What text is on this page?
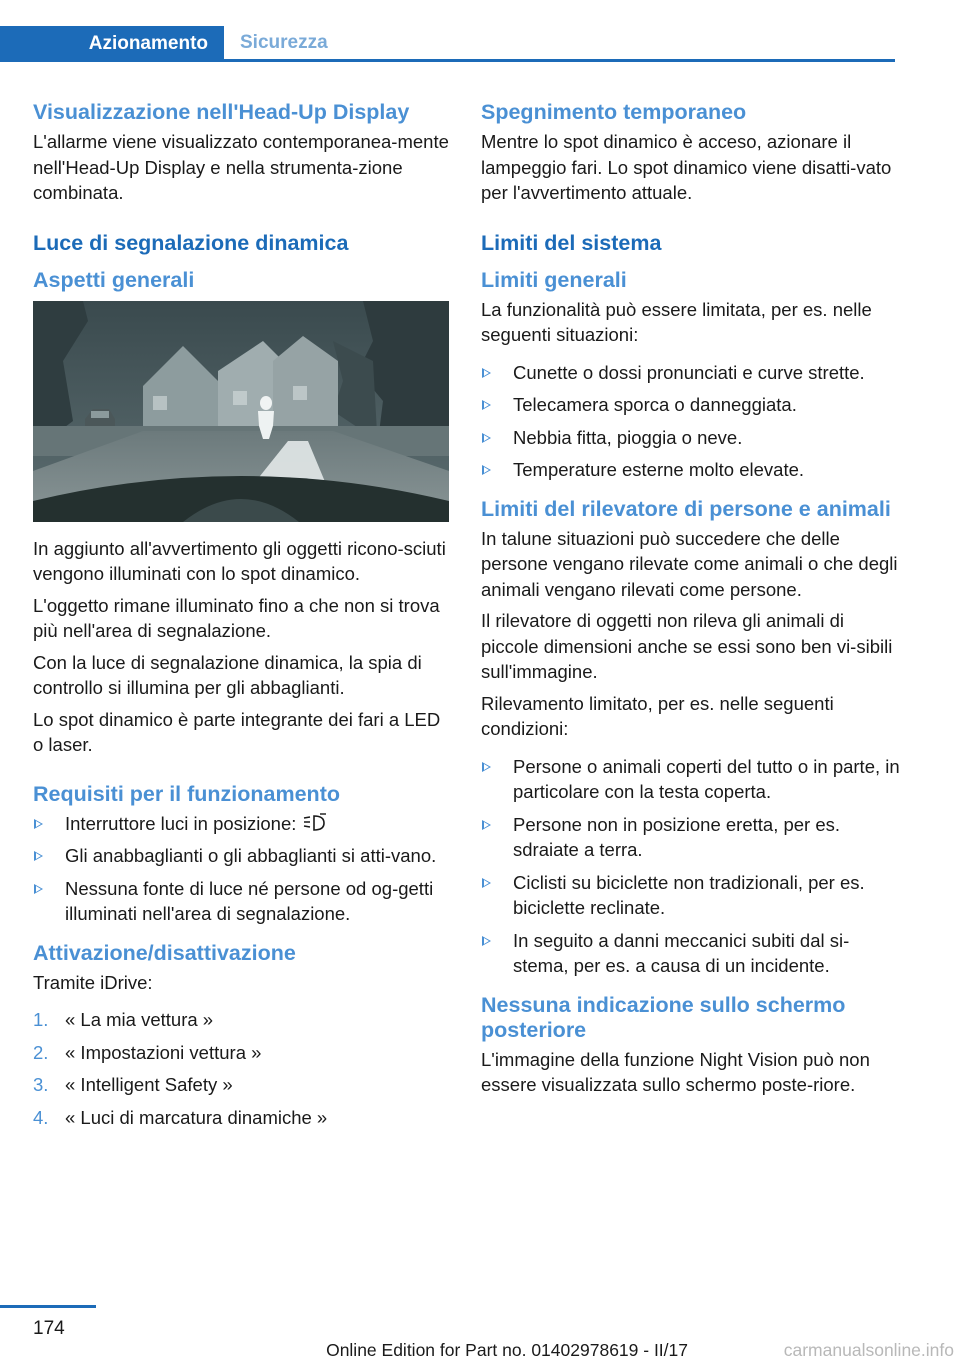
Azionamento	Sicurezza
Visualizzazione nell'Head-Up Display

L'allarme viene visualizzato contemporanea-mente nell'Head-Up Display e nella strumenta-zione combinata.

Luce di segnalazione dinamica
Aspetti generali

In aggiunto all'avvertimento gli oggetti ricono-sciuti vengono illuminati con lo spot dinamico.

L'oggetto rimane illuminato fino a che non si trova più nell'area di segnalazione.

Con la luce di segnalazione dinamica, la spia di controllo si illumina per gli abbaglianti.

Lo spot dinamico è parte integrante dei fari a LED o laser.

Requisiti per il funzionamento
Interruttore luci in posizione:
Gli anabbaglianti o gli abbaglianti si atti-vano.
Nessuna fonte di luce né persone od og-getti illuminati nell'area di segnalazione.
Attivazione/disattivazione

Tramite iDrive:

1. « La mia vettura »
2. « Impostazioni vettura »
3. « Intelligent Safety »
4. « Luci di marcatura dinamiche »
Spegnimento temporaneo

Mentre lo spot dinamico è acceso, azionare il lampeggio fari. Lo spot dinamico viene disatti-vato per l'avvertimento attuale.

Limiti del sistema
Limiti generali

La funzionalità può essere limitata, per es. nelle seguenti situazioni:

Cunette o dossi pronunciati e curve strette.
Telecamera sporca o danneggiata.
Nebbia fitta, pioggia o neve.
Temperature esterne molto elevate.
Limiti del rilevatore di persone e animali

In talune situazioni può succedere che delle persone vengano rilevate come animali o che degli animali vengano rilevati come persone.

Il rilevatore di oggetti non rileva gli animali di piccole dimensioni anche se essi sono ben vi-sibili sull'immagine.

Rilevamento limitato, per es. nelle seguenti condizioni:

Persone o animali coperti del tutto o in parte, in particolare con la testa coperta.
Persone non in posizione eretta, per es. sdraiate a terra.
Ciclisti su biciclette non tradizionali, per es. biciclette reclinate.
In seguito a danni meccanici subiti dal si-stema, per es. a causa di un incidente.
Nessuna indicazione sullo schermo posteriore

L'immagine della funzione Night Vision può non essere visualizzata sullo schermo poste-riore.

174
Online Edition for Part no. 01402978619 - II/17	carmanualsonline.info
